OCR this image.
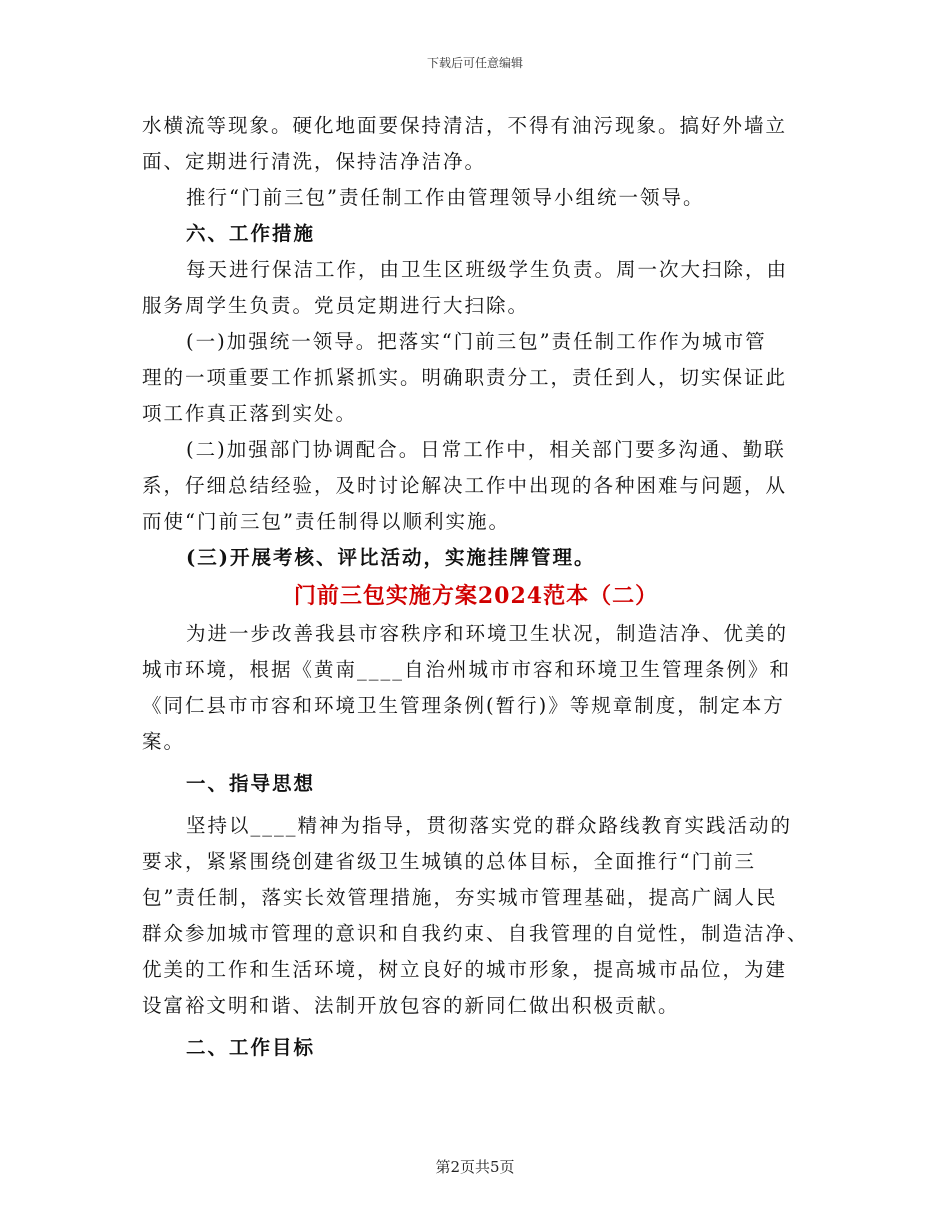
下载后可任意编辑
水横流等现象。硬化地面要保持清洁，不得有油污现象。搞好外墙立
面、定期进行清洗，保持洁净洁净。
推行“门前三包”责任制工作由管理领导小组统一领导。
六、工作措施
每天进行保洁工作，由卫生区班级学生负责。周一次大扫除，由
服务周学生负责。党员定期进行大扫除。
(一)加强统一领导。把落实“门前三包”责任制工作作为城市管
理的一项重要工作抓紧抓实。明确职责分工，责任到人，切实保证此
项工作真正落到实处。
(二)加强部门协调配合。日常工作中，相关部门要多沟通、勤联
系，仔细总结经验，及时讨论解决工作中出现的各种困难与问题，从
而使“门前三包”责任制得以顺利实施。
(三)开展考核、评比活动，实施挂牌管理。
门前三包实施方案2024范本（二）
为进一步改善我县市容秩序和环境卫生状况，制造洁净、优美的
城市环境，根据《黄南____自治州城市市容和环境卫生管理条例》和
《同仁县市市容和环境卫生管理条例(暂行)》等规章制度，制定本方
案。
一、指导思想
坚持以____精神为指导，贯彻落实党的群众路线教育实践活动的
要求，紧紧围绕创建省级卫生城镇的总体目标，全面推行“门前三
包”责任制，落实长效管理措施，夯实城市管理基础，提高广阔人民
群众参加城市管理的意识和自我约束、自我管理的自觉性，制造洁净、
优美的工作和生活环境，树立良好的城市形象，提高城市品位，为建
设富裕文明和谐、法制开放包容的新同仁做出积极贡献。
二、工作目标
第2页共5页
